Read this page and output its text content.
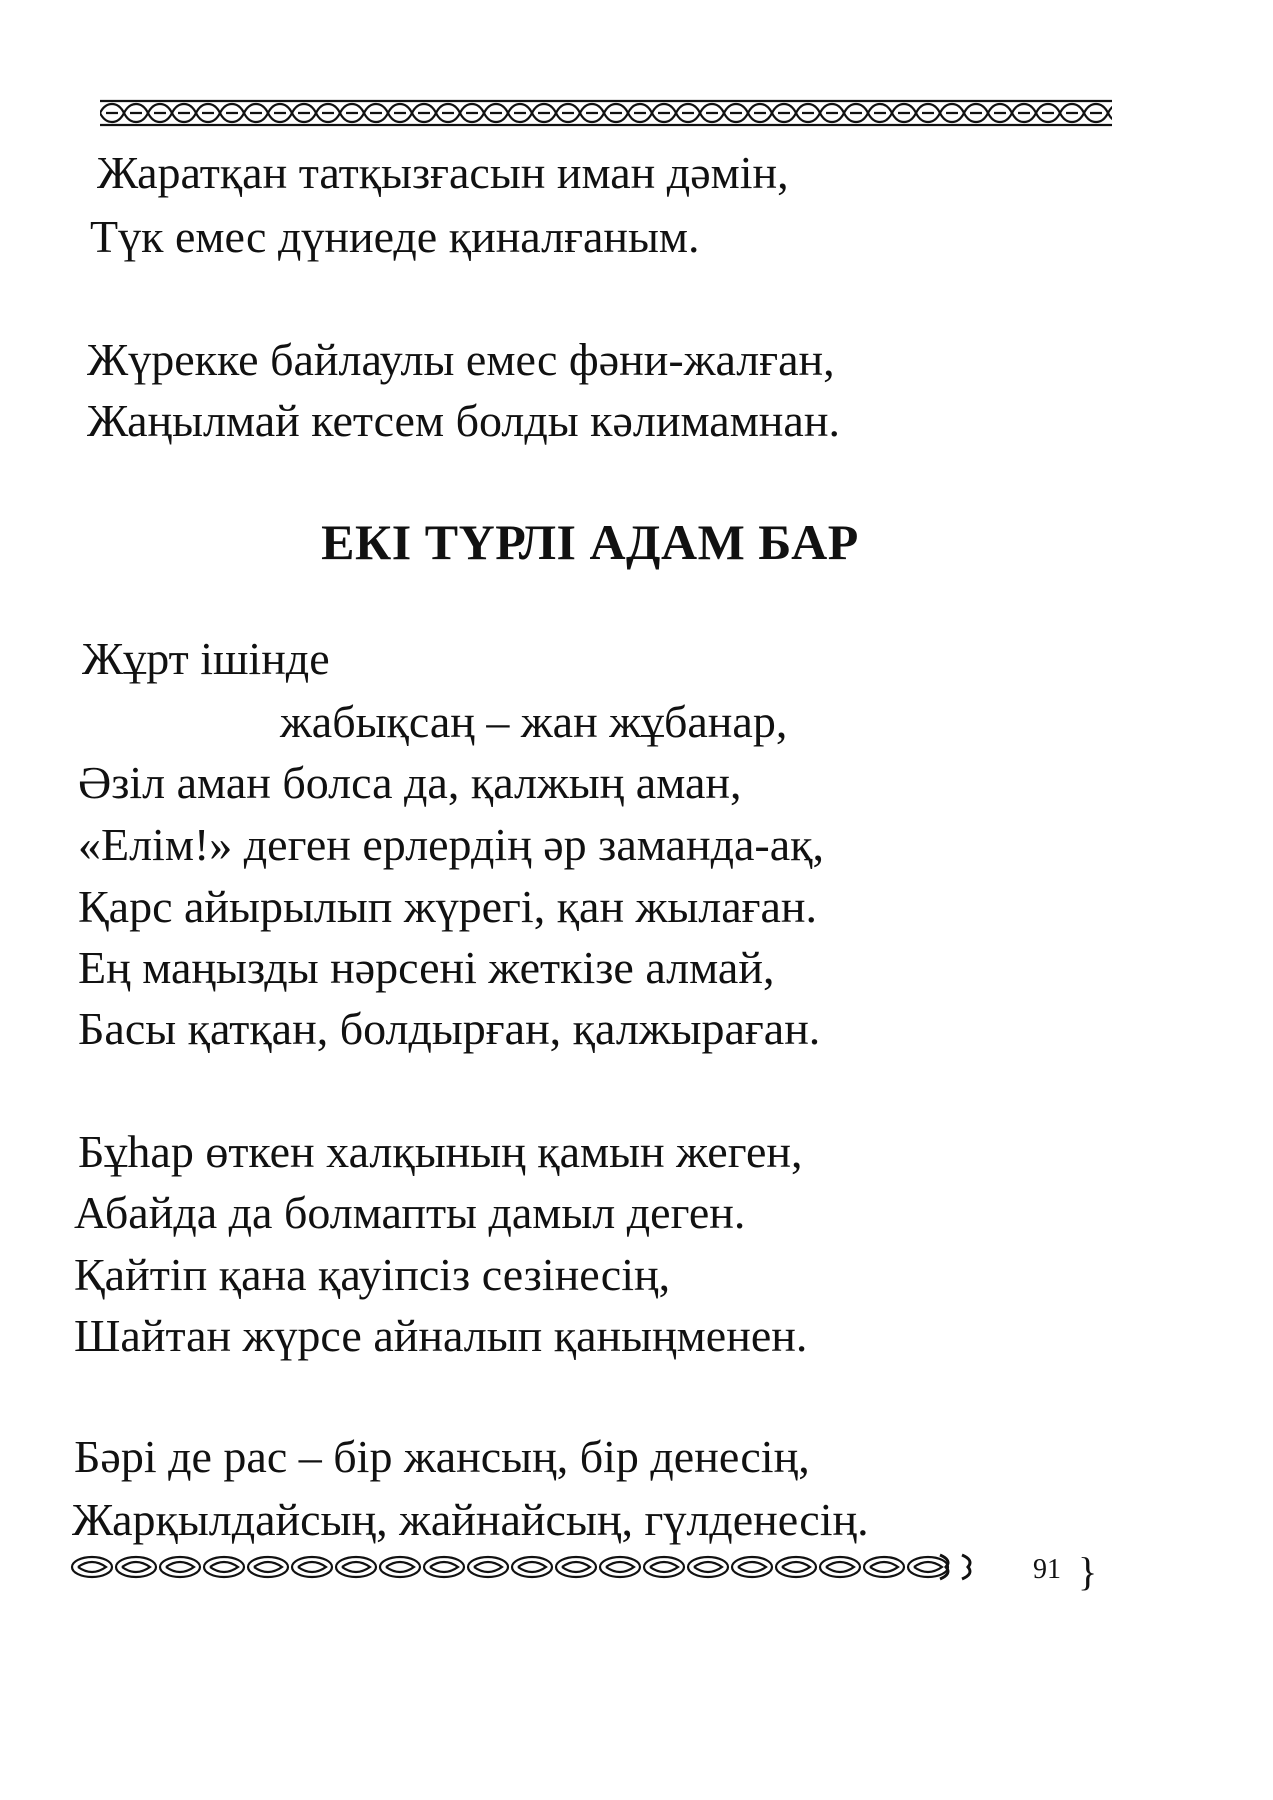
Жаратқан татқызғасын иман дәмін,
Түк емес дүниеде қиналғаным.
Жүрекке байлаулы емес фәни-жалған,
Жаңылмай кетсем болды кәлимамнан.
ЕКІ ТҮРЛІ АДАМ БАР
Жұрт ішінде
жабықсаң – жан жұбанар,
Әзіл аман болса да, қалжың аман,
«Елім!» деген ерлердің әр заманда-ақ,
Қарс айырылып жүрегі, қан жылаған.
Ең маңызды нәрсені жеткізе алмай,
Басы қатқан, болдырған, қалжыраған.
Бұһар өткен халқының қамын жеген,
Абайда да болмапты дамыл деген.
Қайтіп қана қауіпсіз сезінесің,
Шайтан жүрсе айналып қаныңменен.
Бәрі де рас – бір жансың, бір денесің,
Жарқылдайсың, жайнайсың, гүлденесің.
91 }
